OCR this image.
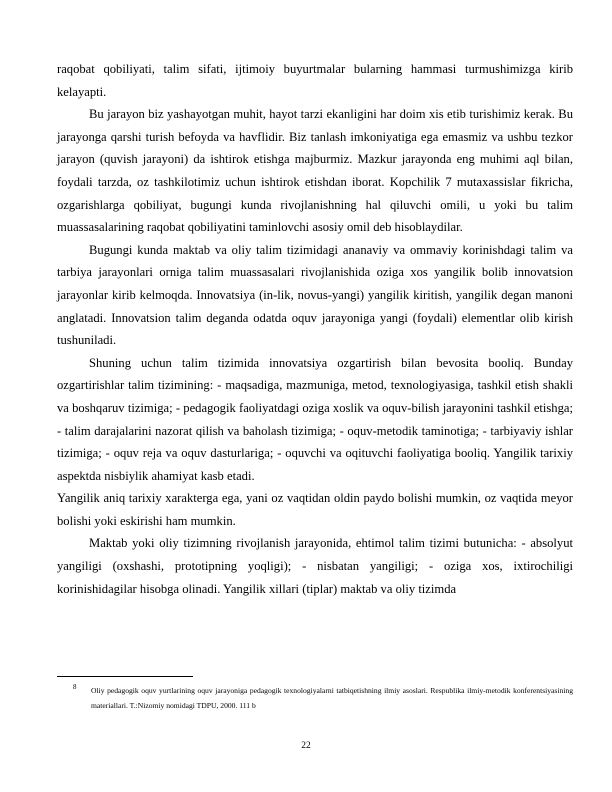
raqobat qobiliyati, talim sifati, ijtimoiy buyurtmalar bularning hammasi turmushimizga kirib kelayapti.

Bu jarayon biz yashayotgan muhit, hayot tarzi ekanligini har doim xis etib turishimiz kerak. Bu jarayonga qarshi turish befoyda va havflidir. Biz tanlash imkoniyatiga ega emasmiz va ushbu tezkor jarayon (quvish jarayoni) da ishtirok etishga majburmiz. Mazkur jarayonda eng muhimi aql bilan, foydali tarzda, oz tashkilotimiz uchun ishtirok etishdan iborat. Kopchilik 7 mutaxassislar fikricha, ozgarishlarga qobiliyat, bugungi kunda rivojlanishning hal qiluvchi omili, u yoki bu talim muassasalarining raqobat qobiliyatini taminlovchi asosiy omil deb hisoblaydilar.

Bugungi kunda maktab va oliy talim tizimidagi ananaviy va ommaviy korinishdagi talim va tarbiya jarayonlari orniga talim muassasalari rivojlanishida oziga xos yangilik bolib innovatsion jarayonlar kirib kelmoqda. Innovatsiya (in-lik, novus-yangi) yangilik kiritish, yangilik degan manoni anglatadi. Innovatsion talim deganda odatda oquv jarayoniga yangi (foydali) elementlar olib kirish tushuniladi.

Shuning uchun talim tizimida innovatsiya ozgartirish bilan bevosita booliq. Bunday ozgartirishlar talim tizimining: - maqsadiga, mazmuniga, metod, texnologiyasiga, tashkil etish shakli va boshqaruv tizimiga; - pedagogik faoliyatdagi oziga xoslik va oquv-bilish jarayonini tashkil etishga; - talim darajalarini nazorat qilish va baholash tizimiga; - oquv-metodik taminotiga; - tarbiyaviy ishlar tizimiga; - oquv reja va oquv dasturlariga; - oquvchi va oqituvchi faoliyatiga booliq. Yangilik tarixiy aspektda nisbiylik ahamiyat kasb etadi.

Yangilik aniq tarixiy xarakterga ega, yani oz vaqtidan oldin paydo bolishi mumkin, oz vaqtida meyor bolishi yoki eskirishi ham mumkin.

Maktab yoki oliy tizimning rivojlanish jarayonida, ehtimol talim tizimi butunicha: - absolyut yangiligi (oxshashi, prototipning yoqligi); - nisbatan yangiligi; - oziga xos, ixtirochiligi korinishidagilar hisobga olinadi. Yangilik xillari (tiplar) maktab va oliy tizimda

8	Oliy pedagogik oquv yurtlarining oquv jarayoniga pedagogik texnologiyalarni tatbiqetishning ilmiy asoslari. Respublika ilmiy-metodik konferentsiyasining materiallari. T.:Nizomiy nomidagi TDPU, 2000. 111 b
22
